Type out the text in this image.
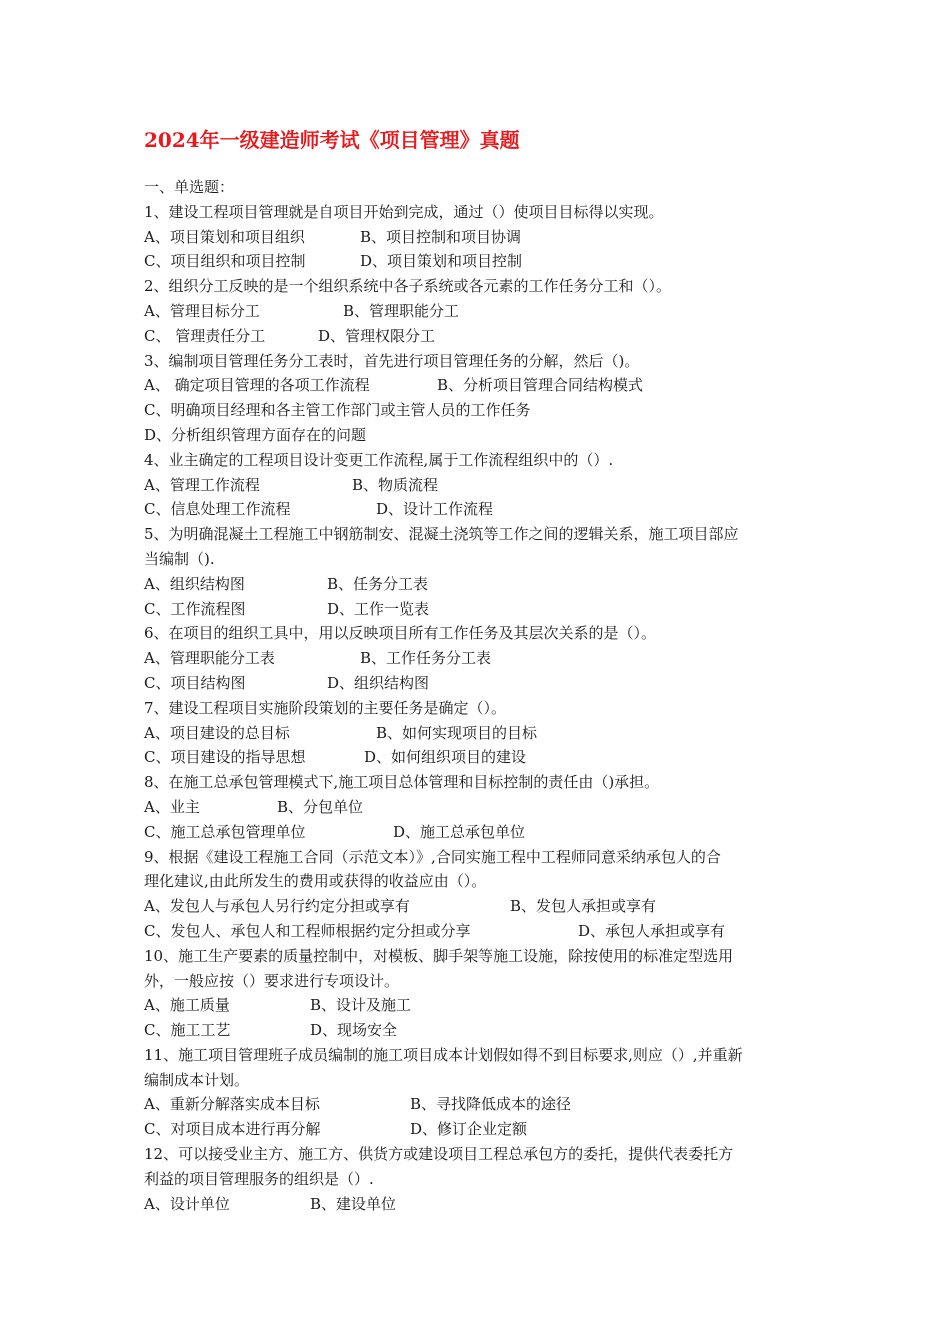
2024年一级建造师考试《项目管理》真题
一、单选题：
1、建设工程项目管理就是自项目开始到完成，通过（）使项目目标得以实现。
A、项目策划和项目组织	B、项目控制和项目协调
C、项目组织和项目控制	D、项目策划和项目控制
2、组织分工反映的是一个组织系统中各子系统或各元素的工作任务分工和（）。
A、管理目标分工	B、管理职能分工
C、 管理责任分工	D、管理权限分工
3、编制项目管理任务分工表时，首先进行项目管理任务的分解，然后（)。
A、 确定项目管理的各项工作流程	B、分析项目管理合同结构模式
C、明确项目经理和各主管工作部门或主管人员的工作任务
D、分析组织管理方面存在的问题
4、业主确定的工程项目设计变更工作流程,属于工作流程组织中的（）.
A、管理工作流程	B、物质流程
C、信息处理工作流程	D、设计工作流程
5、为明确混凝土工程施工中钢筋制安、混凝土浇筑等工作之间的逻辑关系，施工项目部应
当编制（).
A、组织结构图	B、任务分工表
C、工作流程图	D、工作一览表
6、在项目的组织工具中，用以反映项目所有工作任务及其层次关系的是（）。
A、管理职能分工表	B、工作任务分工表
C、项目结构图	D、组织结构图
7、建设工程项目实施阶段策划的主要任务是确定（）。
A、项目建设的总目标	B、如何实现项目的目标
C、项目建设的指导思想	D、如何组织项目的建设
8、在施工总承包管理模式下,施工项目总体管理和目标控制的责任由（)承担。
A、业主	B、分包单位
C、施工总承包管理单位	D、施工总承包单位
9、根据《建设工程施工合同（示范文本）》,合同实施工程中工程师同意采纳承包人的合
理化建议,由此所发生的费用或获得的收益应由（）。
A、发包人与承包人另行约定分担或享有	B、发包人承担或享有
C、发包人、承包人和工程师根据约定分担或分享	D、承包人承担或享有
10、施工生产要素的质量控制中，对模板、脚手架等施工设施，除按使用的标准定型选用
外，一般应按（）要求进行专项设计。
A、施工质量	B、设计及施工
C、施工工艺	D、现场安全
11、施工项目管理班子成员编制的施工项目成本计划假如得不到目标要求,则应（）,并重新
编制成本计划。
A、重新分解落实成本目标	B、寻找降低成本的途径
C、对项目成本进行再分解	D、修订企业定额
12、可以接受业主方、施工方、供货方或建设项目工程总承包方的委托，提供代表委托方
利益的项目管理服务的组织是（）.
A、设计单位	B、建设单位
